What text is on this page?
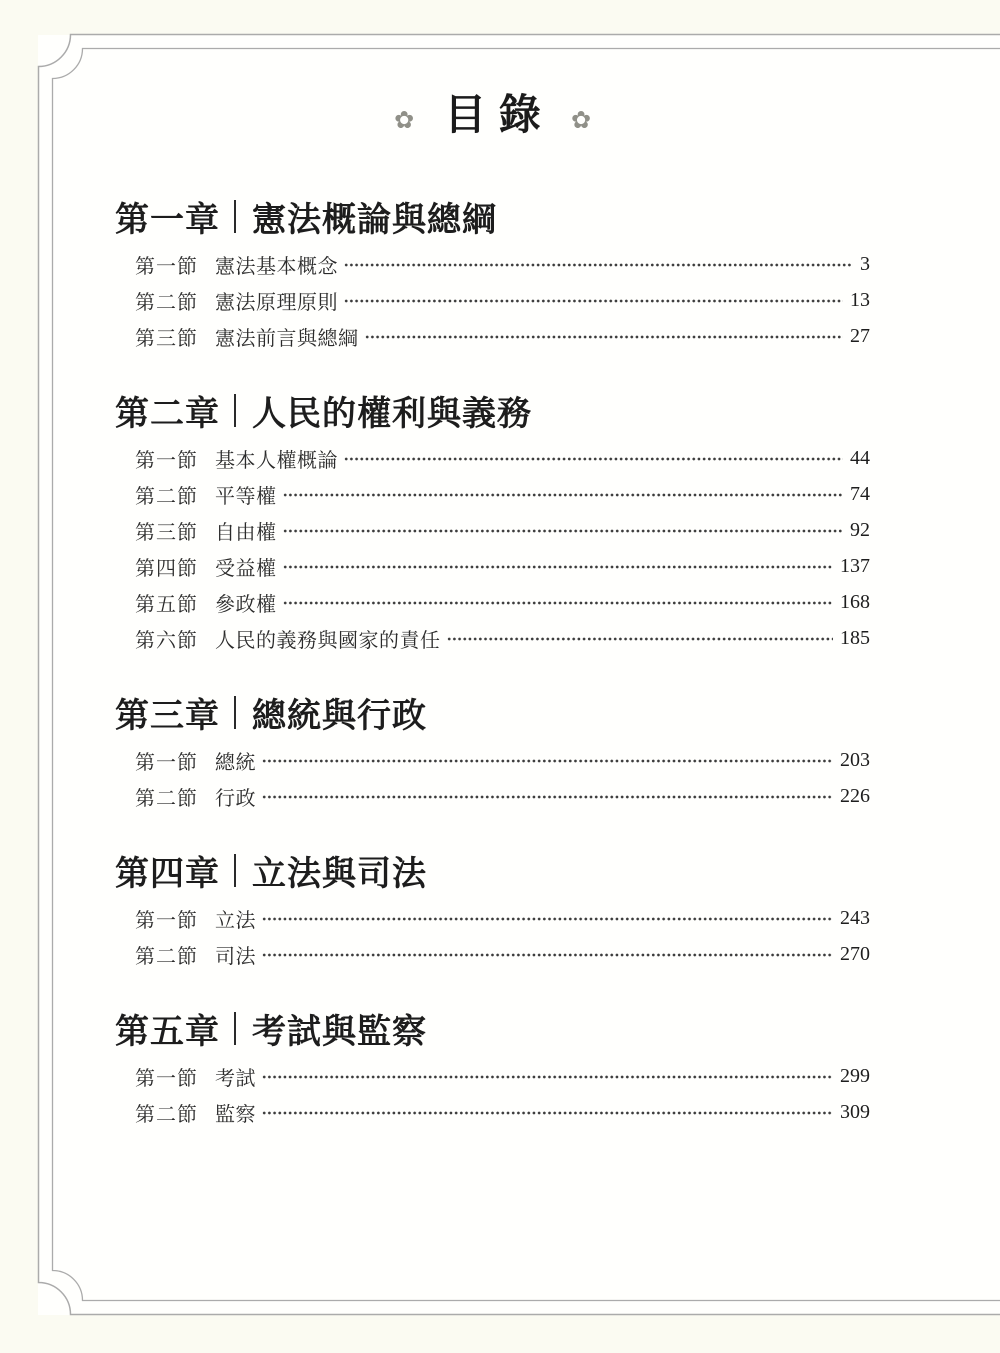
✿ 目錄 ✿
第一章 憲法概論與總綱
第一節 憲法基本概念	3
第二節 憲法原理原則	13
第三節 憲法前言與總綱	27
第二章 人民的權利與義務
第一節 基本人權概論	44
第二節 平等權	74
第三節 自由權	92
第四節 受益權	137
第五節 參政權	168
第六節 人民的義務與國家的責任	185
第三章 總統與行政
第一節 總統	203
第二節 行政	226
第四章 立法與司法
第一節 立法	243
第二節 司法	270
第五章 考試與監察
第一節 考試	299
第二節 監察	309
